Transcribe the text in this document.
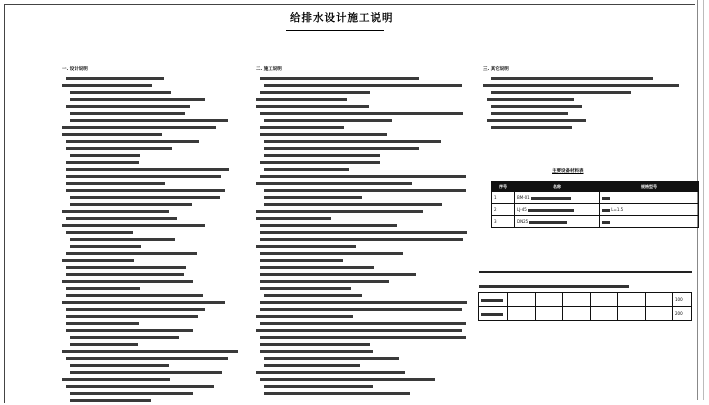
给排水设计施工说明
一. 设计说明	二. 施工说明	三. 其它说明
主要设备材料表
序号	名称	规格型号
1	BM-01	
2	LJ-45	L=1.5
3	DN25	
							100
							200
